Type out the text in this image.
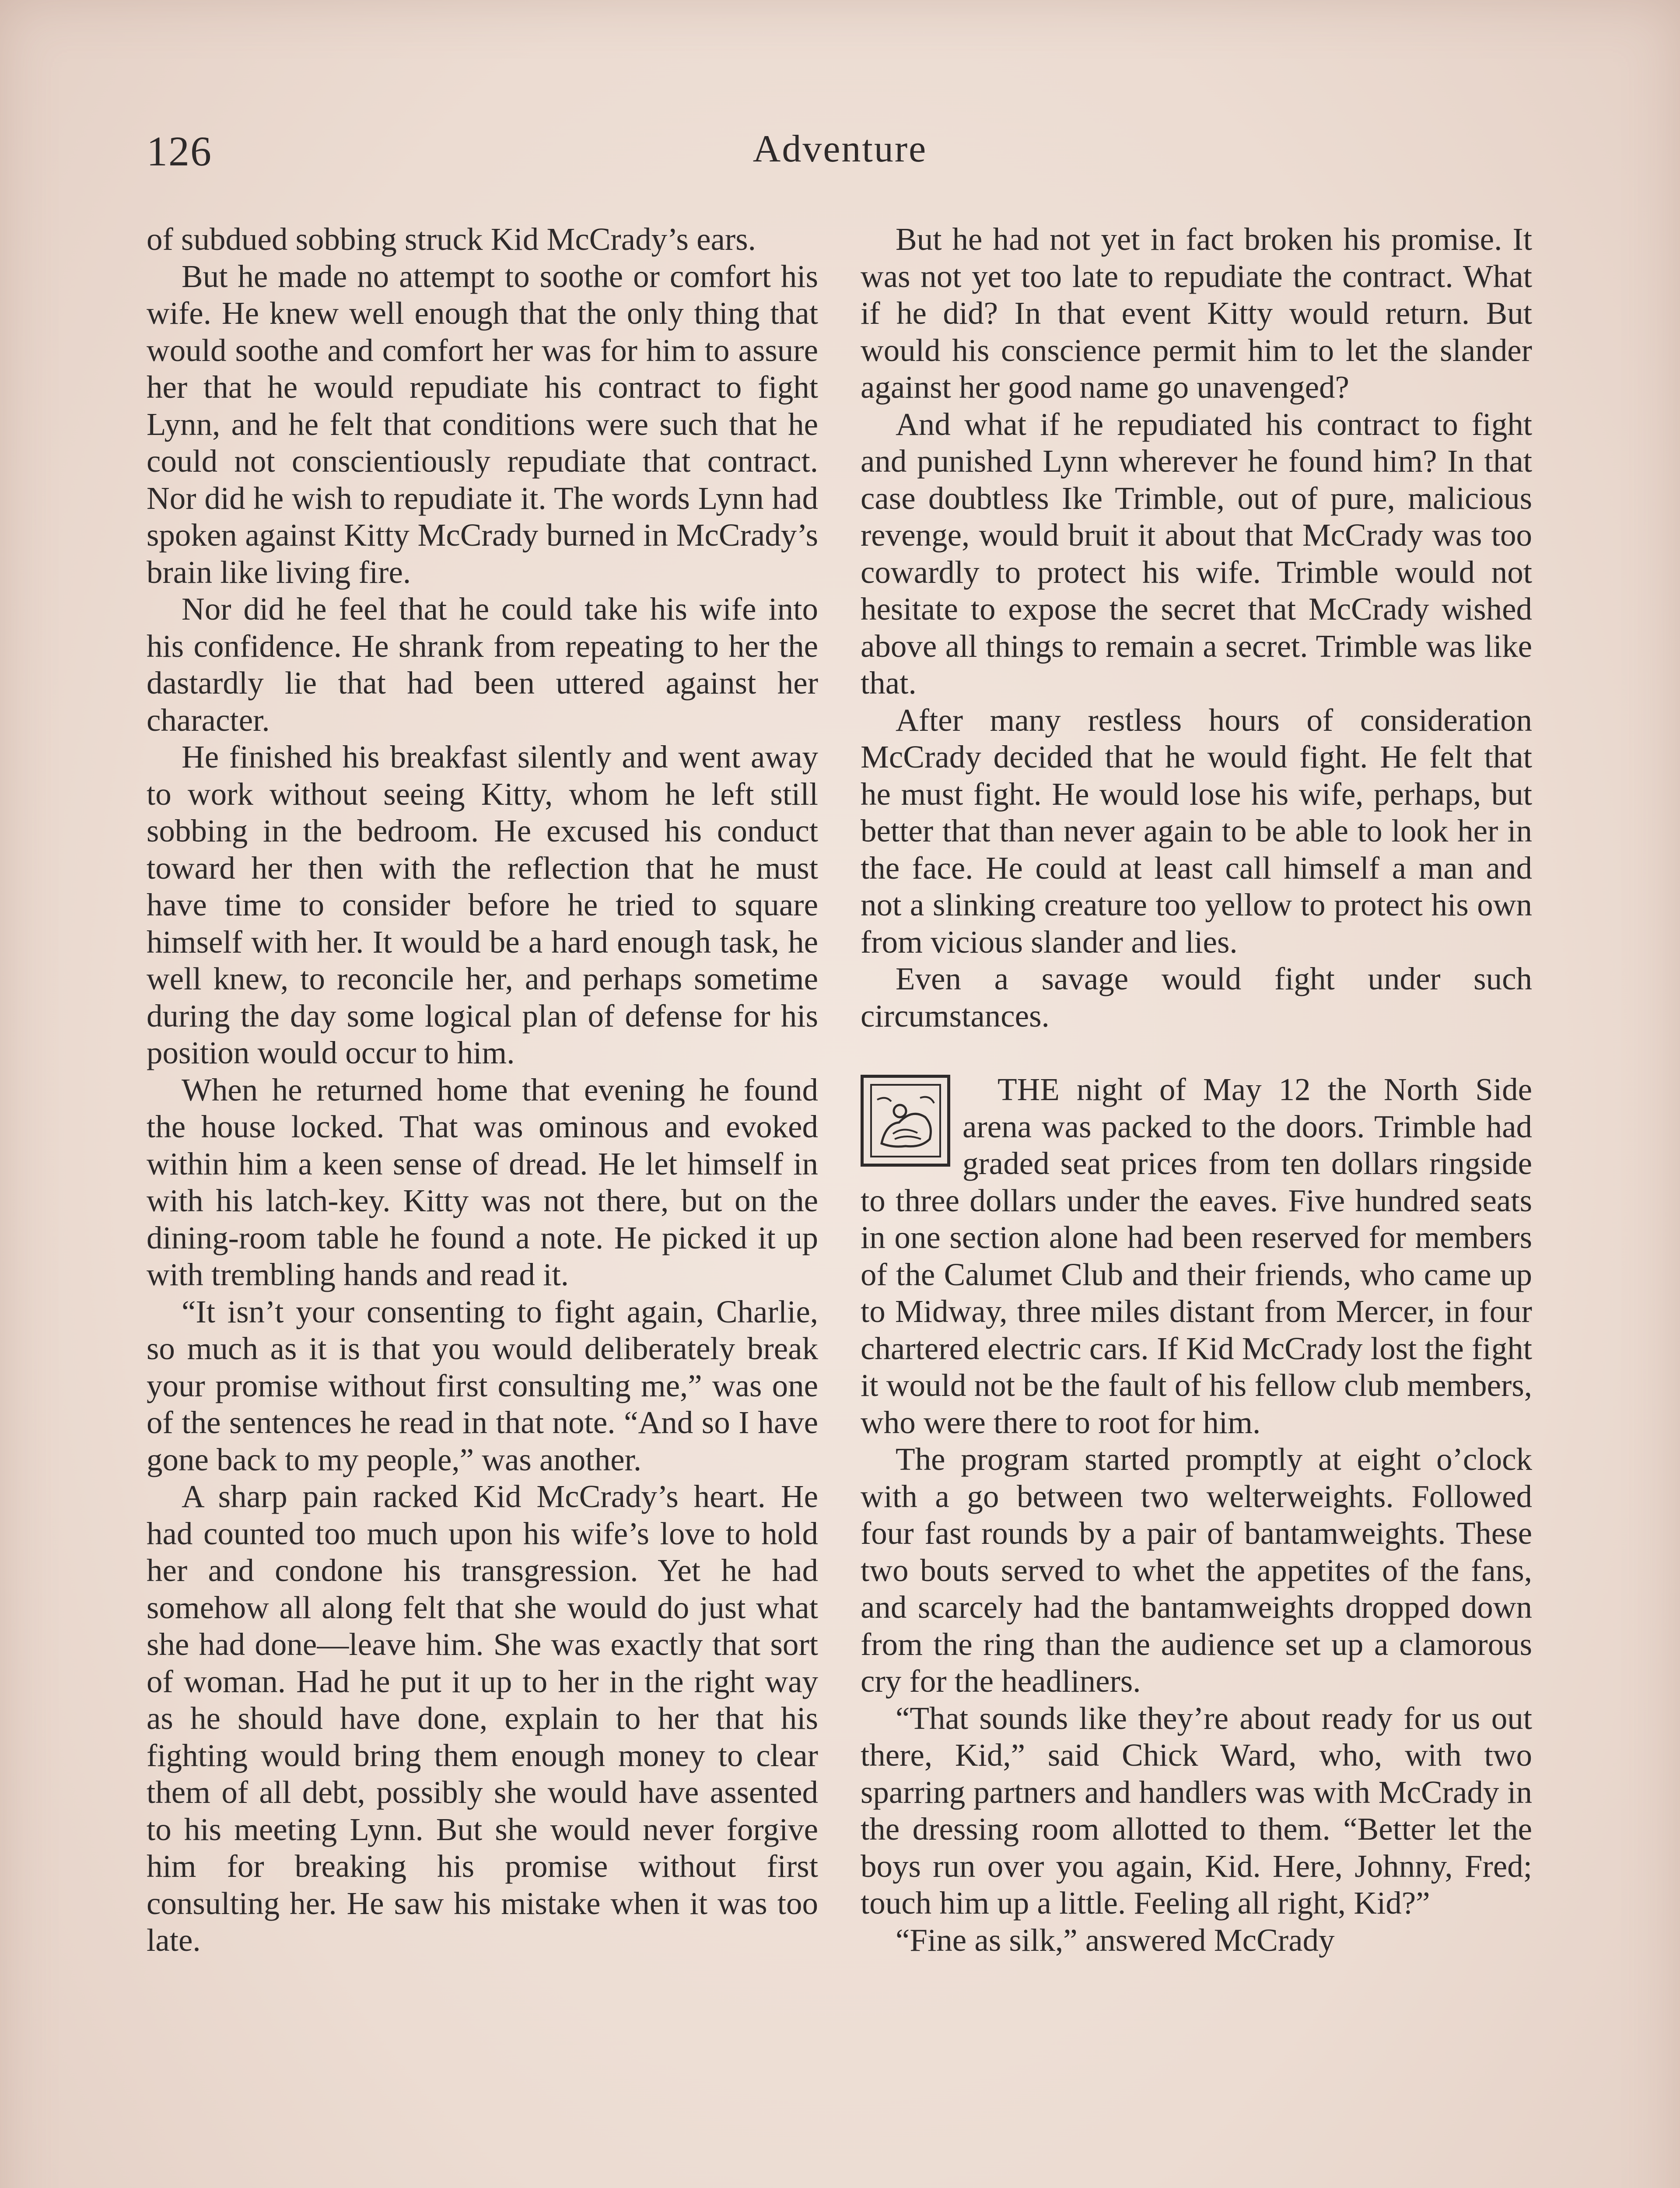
126	Adventure

of subdued sobbing struck Kid McCrady’s ears.

But he made no attempt to soothe or comfort his wife. He knew well enough that the only thing that would soothe and comfort her was for him to assure her that he would repudiate his contract to fight Lynn, and he felt that conditions were such that he could not conscientiously repudiate that contract. Nor did he wish to repudiate it. The words Lynn had spoken against Kitty McCrady burned in McCrady’s brain like living fire.

Nor did he feel that he could take his wife into his confidence. He shrank from repeating to her the dastardly lie that had been uttered against her character.

He finished his breakfast silently and went away to work without seeing Kitty, whom he left still sobbing in the bedroom. He excused his conduct toward her then with the reflection that he must have time to consider before he tried to square himself with her. It would be a hard enough task, he well knew, to reconcile her, and perhaps sometime during the day some logical plan of defense for his position would occur to him.

When he returned home that evening he found the house locked. That was ominous and evoked within him a keen sense of dread. He let himself in with his latch-key. Kitty was not there, but on the dining-room table he found a note. He picked it up with trembling hands and read it.

“It isn’t your consenting to fight again, Charlie, so much as it is that you would deliberately break your promise without first consulting me,” was one of the sentences he read in that note. “And so I have gone back to my people,” was another.

A sharp pain racked Kid McCrady’s heart. He had counted too much upon his wife’s love to hold her and condone his transgression. Yet he had somehow all along felt that she would do just what she had done—leave him. She was exactly that sort of woman. Had he put it up to her in the right way as he should have done, explain to her that his fighting would bring them enough money to clear them of all debt, possibly she would have assented to his meeting Lynn. But she would never forgive him for breaking his promise without first consulting her. He saw his mistake when it was too late.

But he had not yet in fact broken his promise. It was not yet too late to repudiate the contract. What if he did? In that event Kitty would return. But would his conscience permit him to let the slander against her good name go unavenged?

And what if he repudiated his contract to fight and punished Lynn wherever he found him? In that case doubtless Ike Trimble, out of pure, malicious revenge, would bruit it about that McCrady was too cowardly to protect his wife. Trimble would not hesitate to expose the secret that McCrady wished above all things to remain a secret. Trimble was like that.

After many restless hours of consideration McCrady decided that he would fight. He felt that he must fight. He would lose his wife, perhaps, but better that than never again to be able to look her in the face. He could at least call himself a man and not a slinking creature too yellow to protect his own from vicious slander and lies.

Even a savage would fight under such circumstances.

THE night of May 12 the North Side arena was packed to the doors. Trimble had graded seat prices from ten dollars ringside to three dollars under the eaves. Five hundred seats in one section alone had been reserved for members of the Calumet Club and their friends, who came up to Midway, three miles distant from Mercer, in four chartered electric cars. If Kid McCrady lost the fight it would not be the fault of his fellow club members, who were there to root for him.

The program started promptly at eight o’clock with a go between two welterweights. Followed four fast rounds by a pair of bantamweights. These two bouts served to whet the appetites of the fans, and scarcely had the bantamweights dropped down from the ring than the audience set up a clamorous cry for the headliners.

“That sounds like they’re about ready for us out there, Kid,” said Chick Ward, who, with two sparring partners and handlers was with McCrady in the dressing room allotted to them. “Better let the boys run over you again, Kid. Here, Johnny, Fred; touch him up a little. Feeling all right, Kid?”

“Fine as silk,” answered McCrady
